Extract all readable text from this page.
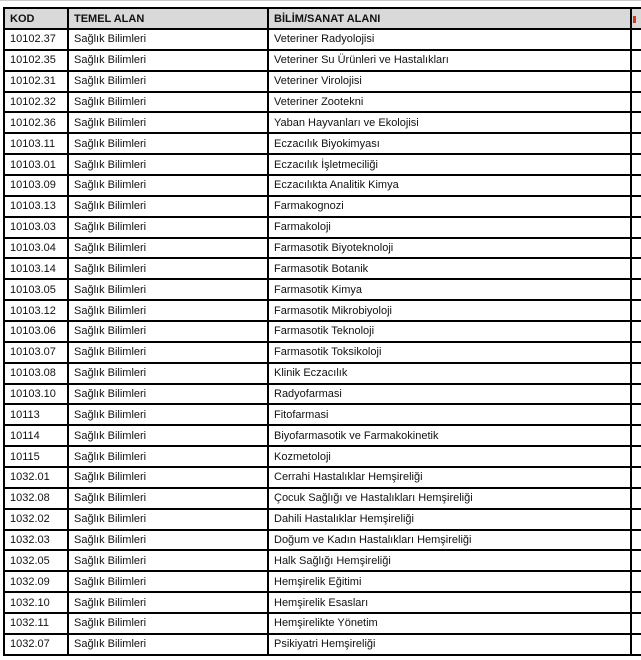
KOD	TEMEL ALAN	BİLİM/SANAT ALANI	

10102.37	Sağlık Bilimleri	Veteriner Radyolojisi	
10102.35	Sağlık Bilimleri	Veteriner Su Ürünleri ve Hastalıkları	
10102.31	Sağlık Bilimleri	Veteriner Virolojisi	
10102.32	Sağlık Bilimleri	Veteriner Zootekni	
10102.36	Sağlık Bilimleri	Yaban Hayvanları ve Ekolojisi	
10103.11	Sağlık Bilimleri	Eczacılık Biyokimyası	
10103.01	Sağlık Bilimleri	Eczacılık İşletmeciliği	
10103.09	Sağlık Bilimleri	Eczacılıkta Analitik Kimya	
10103.13	Sağlık Bilimleri	Farmakognozi	
10103.03	Sağlık Bilimleri	Farmakoloji	
10103.04	Sağlık Bilimleri	Farmasotik Biyoteknoloji	
10103.14	Sağlık Bilimleri	Farmasotik Botanik	
10103.05	Sağlık Bilimleri	Farmasotik Kimya	
10103.12	Sağlık Bilimleri	Farmasotik Mikrobiyoloji	
10103.06	Sağlık Bilimleri	Farmasotik Teknoloji	
10103.07	Sağlık Bilimleri	Farmasotik Toksikoloji	
10103.08	Sağlık Bilimleri	Klinik Eczacılık	
10103.10	Sağlık Bilimleri	Radyofarmasi	
10113	Sağlık Bilimleri	Fitofarmasi	
10114	Sağlık Bilimleri	Biyofarmasotik ve Farmakokinetik	
10115	Sağlık Bilimleri	Kozmetoloji	
1032.01	Sağlık Bilimleri	Cerrahi Hastalıklar Hemşireliği	
1032.08	Sağlık Bilimleri	Çocuk Sağlığı ve Hastalıkları Hemşireliği	
1032.02	Sağlık Bilimleri	Dahili Hastalıklar Hemşireliği	
1032.03	Sağlık Bilimleri	Doğum ve Kadın Hastalıkları Hemşireliği	
1032.05	Sağlık Bilimleri	Halk Sağlığı Hemşireliği	
1032.09	Sağlık Bilimleri	Hemşirelik Eğitimi	
1032.10	Sağlık Bilimleri	Hemşirelik Esasları	
1032.11	Sağlık Bilimleri	Hemşirelikte Yönetim	
1032.07	Sağlık Bilimleri	Psikiyatri Hemşireliği	
